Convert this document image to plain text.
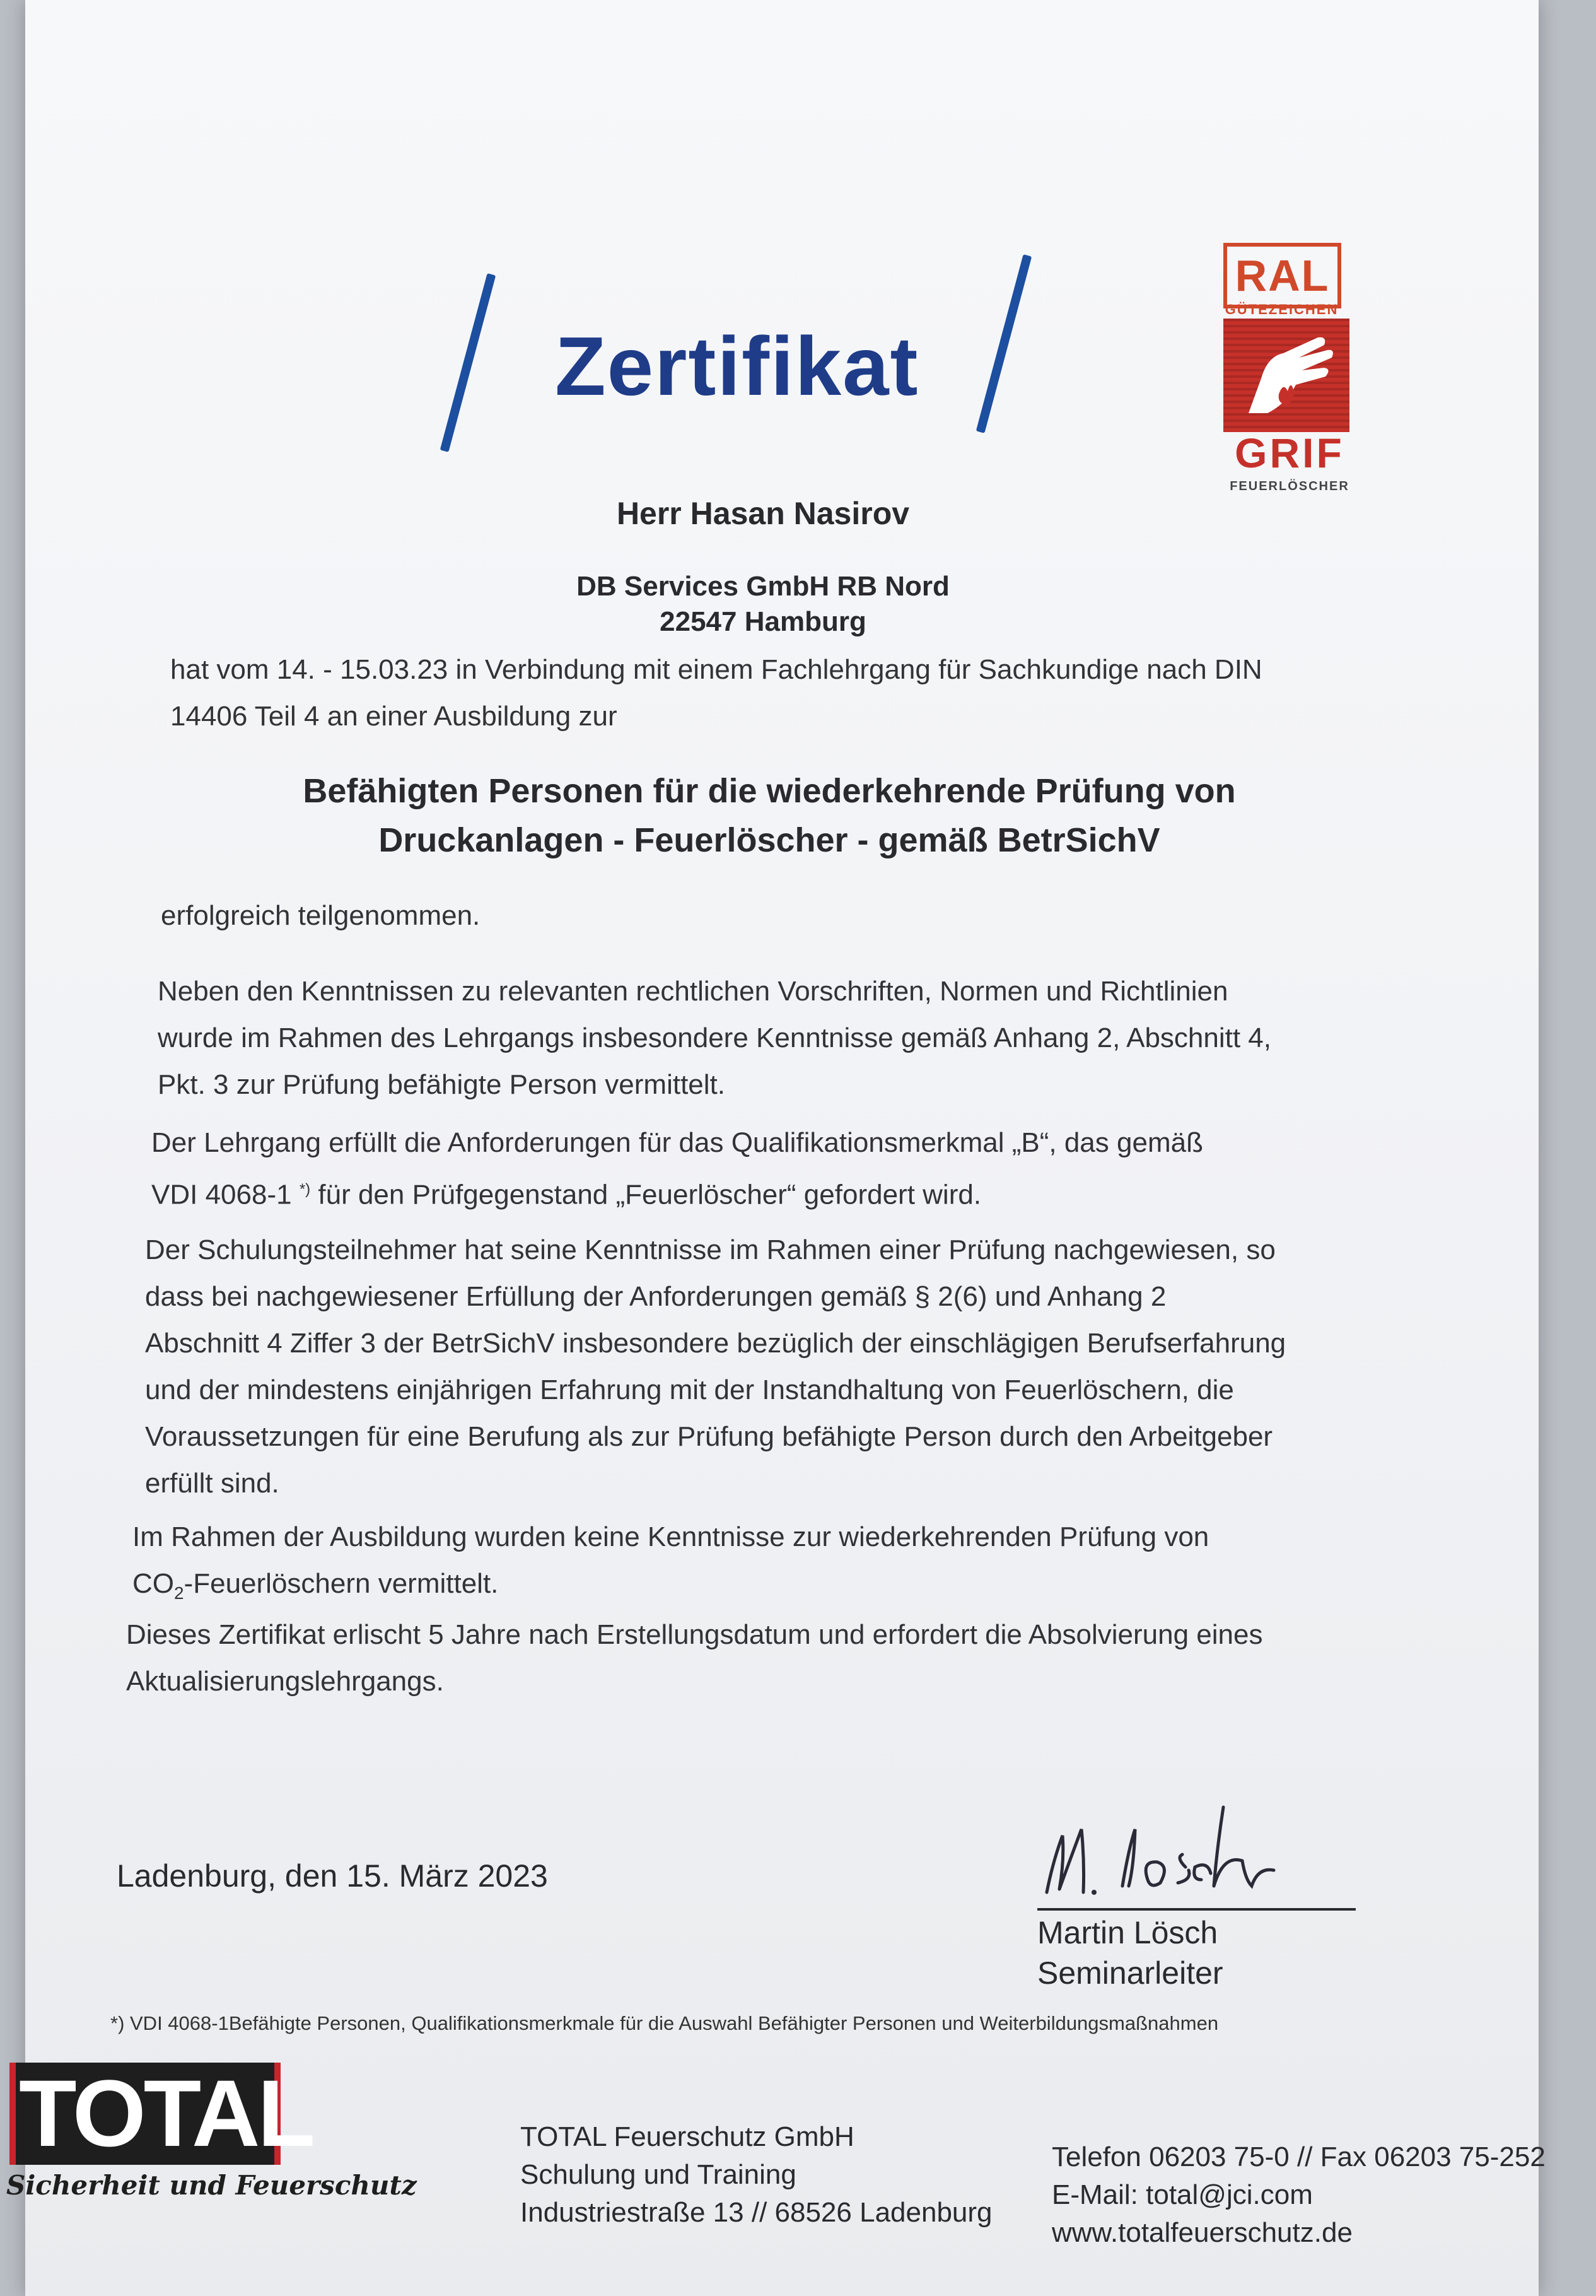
Zertifikat
RAL
GÜTEZEICHEN
GRIF
FEUERLÖSCHER
Herr Hasan Nasirov
DB Services GmbH RB Nord
22547 Hamburg
hat vom 14. - 15.03.23 in Verbindung mit einem Fachlehrgang für Sachkundige nach DIN
14406 Teil 4 an einer Ausbildung zur
Befähigten Personen für die wiederkehrende Prüfung von
Druckanlagen - Feuerlöscher - gemäß BetrSichV
erfolgreich teilgenommen.
Neben den Kenntnissen zu relevanten rechtlichen Vorschriften, Normen und Richtlinien
wurde im Rahmen des Lehrgangs insbesondere Kenntnisse gemäß Anhang 2, Abschnitt 4,
Pkt. 3 zur Prüfung befähigte Person vermittelt.
Der Lehrgang erfüllt die Anforderungen für das Qualifikationsmerkmal „B“, das gemäß
VDI 4068-1 *) für den Prüfgegenstand „Feuerlöscher“ gefordert wird.
Der Schulungsteilnehmer hat seine Kenntnisse im Rahmen einer Prüfung nachgewiesen, so
dass bei nachgewiesener Erfüllung der Anforderungen gemäß § 2(6) und Anhang 2
Abschnitt 4 Ziffer 3 der BetrSichV insbesondere bezüglich der einschlägigen Berufserfahrung
und der mindestens einjährigen Erfahrung mit der Instandhaltung von Feuerlöschern, die
Voraussetzungen für eine Berufung als zur Prüfung befähigte Person durch den Arbeitgeber
erfüllt sind.
Im Rahmen der Ausbildung wurden keine Kenntnisse zur wiederkehrenden Prüfung von
$CO_2$-Feuerlöschern vermittelt.
Dieses Zertifikat erlischt 5 Jahre nach Erstellungsdatum und erfordert die Absolvierung eines
Aktualisierungslehrgangs.
Ladenburg, den 15. März 2023
Martin Lösch
Seminarleiter
*) VDI 4068-1Befähigte Personen, Qualifikationsmerkmale für die Auswahl Befähigter Personen und Weiterbildungsmaßnahmen
TOTAL
Sicherheit und Feuerschutz
TOTAL Feuerschutz GmbH
Schulung und Training
Industriestraße 13 // 68526 Ladenburg
Telefon 06203 75-0 // Fax 06203 75-252
E-Mail: total@jci.com
www.totalfeuerschutz.de
